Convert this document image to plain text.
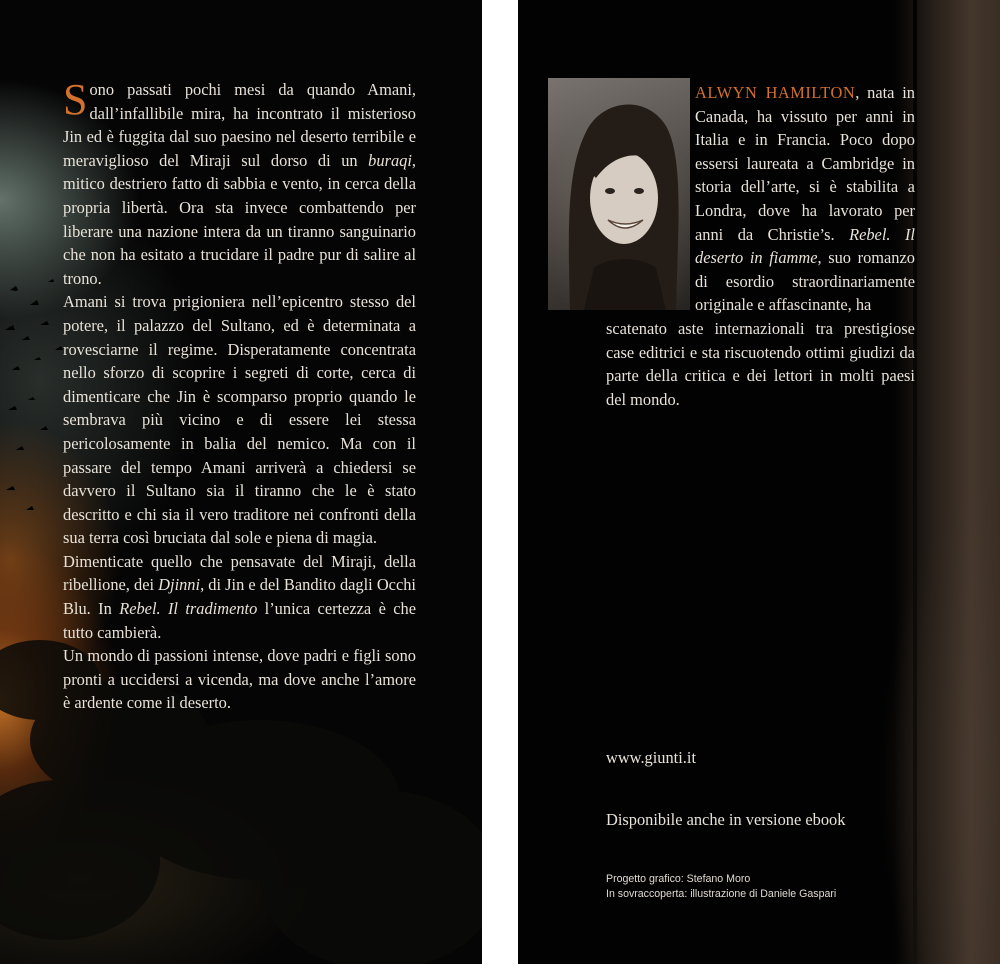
Sono passati pochi mesi da quando Amani, dall’infallibile mira, ha incontrato il misterioso Jin ed è fuggita dal suo paesino nel deserto terribile e meraviglioso del Miraji sul dorso di un buraqi, mitico destriero fatto di sabbia e vento, in cerca della propria libertà. Ora sta invece combattendo per liberare una nazione intera da un tiranno sanguinario che non ha esitato a trucidare il padre pur di salire al trono.

Amani si trova prigioniera nell’epicentro stesso del potere, il palazzo del Sultano, ed è determinata a rovesciarne il regime. Disperatamente concentrata nello sforzo di scoprire i segreti di corte, cerca di dimenticare che Jin è scomparso proprio quando le sembrava più vicino e di essere lei stessa pericolosamente in balia del nemico. Ma con il passare del tempo Amani arriverà a chiedersi se davvero il Sultano sia il tiranno che le è stato descritto e chi sia il vero traditore nei confronti della sua terra così bruciata dal sole e piena di magia.

Dimenticate quello che pensavate del Miraji, della ribellione, dei Djinni, di Jin e del Bandito dagli Occhi Blu. In Rebel. Il tradimento l’unica certezza è che tutto cambierà.

Un mondo di passioni intense, dove padri e figli sono pronti a uccidersi a vicenda, ma dove anche l’amore è ardente come il deserto.

ALWYN HAMILTON, nata in Canada, ha vissuto per anni in Italia e in Francia. Poco dopo essersi laureata a Cambridge in storia dell’arte, si è stabilita a Londra, dove ha lavorato per anni da Christie’s. Rebel. Il deserto in fiamme, suo romanzo di esordio straordinariamente originale e affascinante, ha

scatenato aste internazionali tra prestigiose case editrici e sta riscuotendo ottimi giudizi da parte della critica e dei lettori in molti paesi del mondo.

www.giunti.it
Disponibile anche in versione ebook
Progetto grafico: Stefano Moro
In sovraccoperta: illustrazione di Daniele Gaspari
